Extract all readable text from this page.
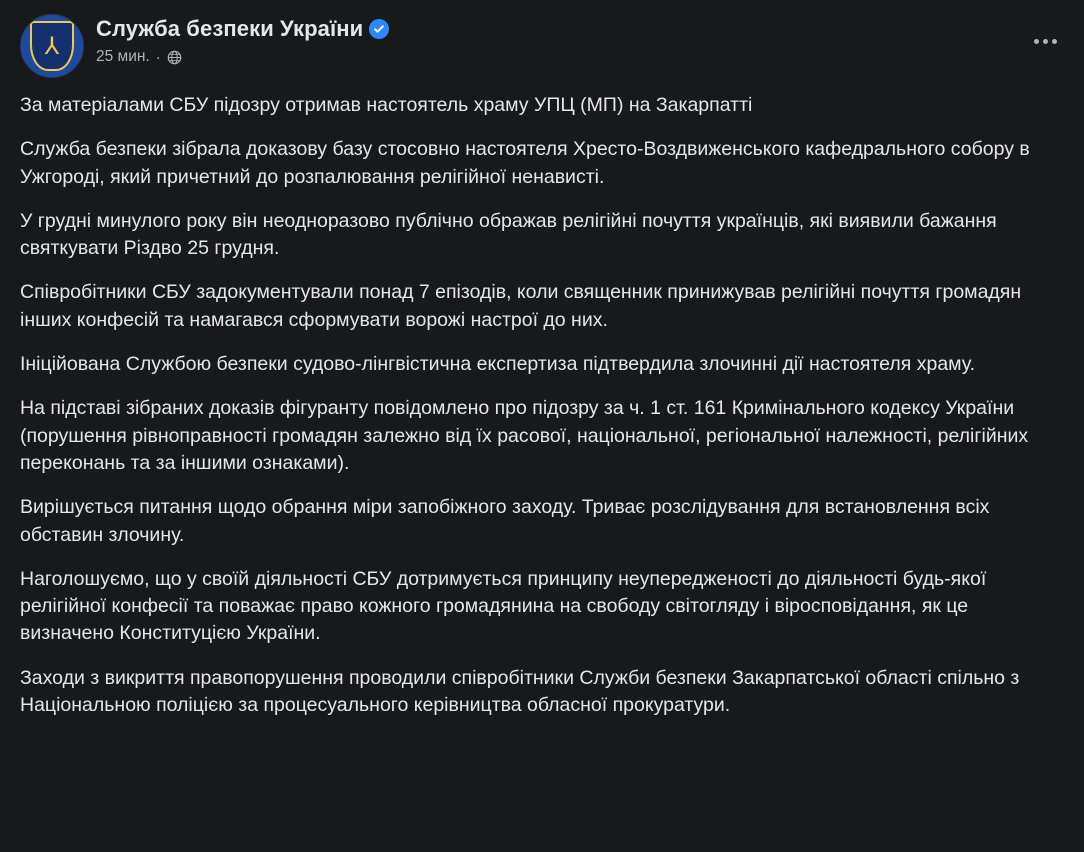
⅄
Служба безпеки України
25 мин. ·

За матеріалами СБУ підозру отримав настоятель храму УПЦ (МП) на Закарпатті

Служба безпеки зібрала доказову базу стосовно настоятеля Хресто-Воздвиженського кафедрального собору в Ужгороді, який причетний до розпалювання релігійної ненависті.

У грудні минулого року він неодноразово публічно ображав релігійні почуття українців, які виявили бажання святкувати Різдво 25 грудня.

Співробітники СБУ задокументували понад 7 епізодів, коли священник принижував релігійні почуття громадян інших конфесій та намагався сформувати ворожі настрої до них.

Ініційована Службою безпеки судово-лінгвістична експертиза підтвердила злочинні дії настоятеля храму.

На підставі зібраних доказів фігуранту повідомлено про підозру за ч. 1 ст. 161 Кримінального кодексу України (порушення рівноправності громадян залежно від їх расової, національної, регіональної належності, релігійних переконань та за іншими ознаками).

Вирішується питання щодо обрання міри запобіжного заходу. Триває розслідування для встановлення всіх обставин злочину.

Наголошуємо, що у своїй діяльності СБУ дотримується принципу неупередженості до діяльності будь-якої релігійної конфесії та поважає право кожного громадянина на свободу світогляду і віросповідання, як це визначено Конституцією України.

Заходи з викриття правопорушення проводили співробітники Служби безпеки Закарпатської області спільно з Національною поліцією за процесуального керівництва обласної прокуратури.
